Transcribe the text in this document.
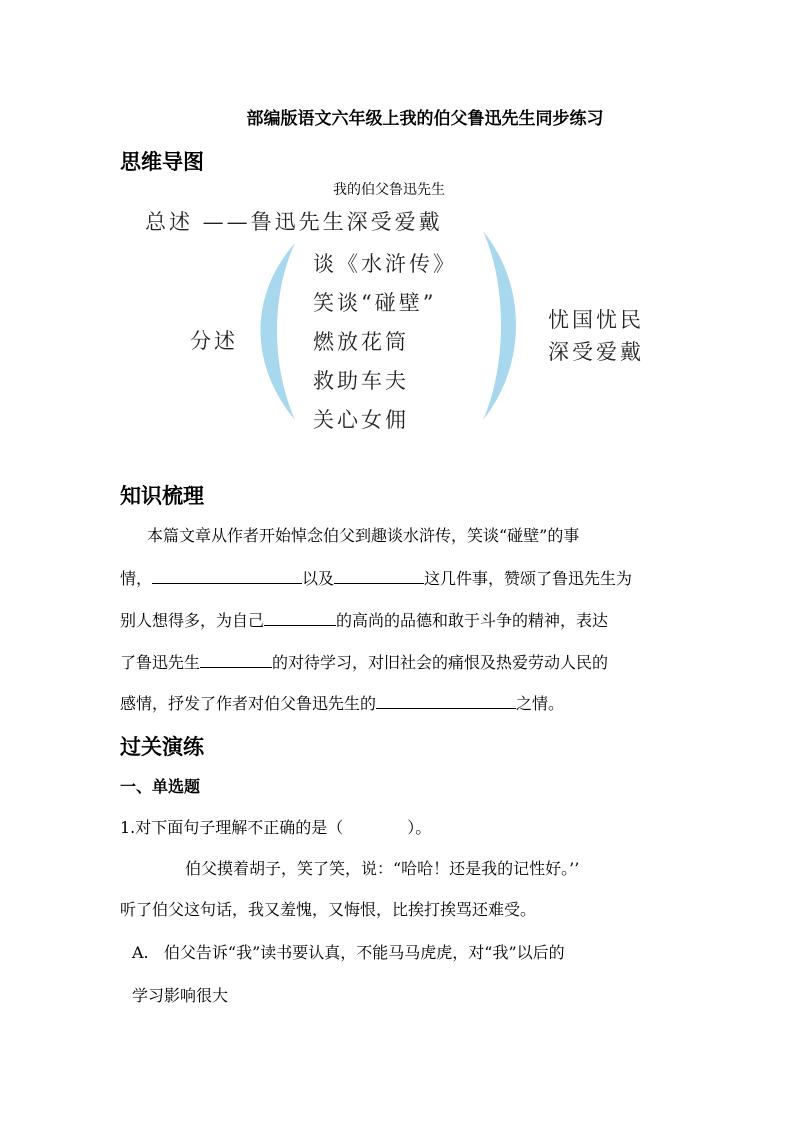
部编版语文六年级上我的伯父鲁迅先生同步练习
思维导图
我的伯父鲁迅先生
总述 ——鲁迅先生深受爱戴
分述
谈《水浒传》
笑谈“碰壁”
燃放花筒
救助车夫
关心女佣
忧国忧民
深受爱戴
知识梳理
本篇文章从作者开始悼念伯父到趣谈水浒传，笑谈“碰壁”的事
情，	以及	这几件事，赞颂了鲁迅先生为
别人想得多，为自己	的高尚的品德和敢于斗争的精神，表达
了鲁迅先生	的对待学习，对旧社会的痛恨及热爱劳动人民的
感情，抒发了作者对伯父鲁迅先生的	之情。
过关演练
一、单选题
1.对下面句子理解不正确的是（　　　　）。
伯父摸着胡子，笑了笑，说：“哈哈！还是我的记性好。’’
听了伯父这句话，我又羞愧，又悔恨，比挨打挨骂还难受。
A. 伯父告诉“我”读书要认真，不能马马虎虎，对“我”以后的
学习影响很大
